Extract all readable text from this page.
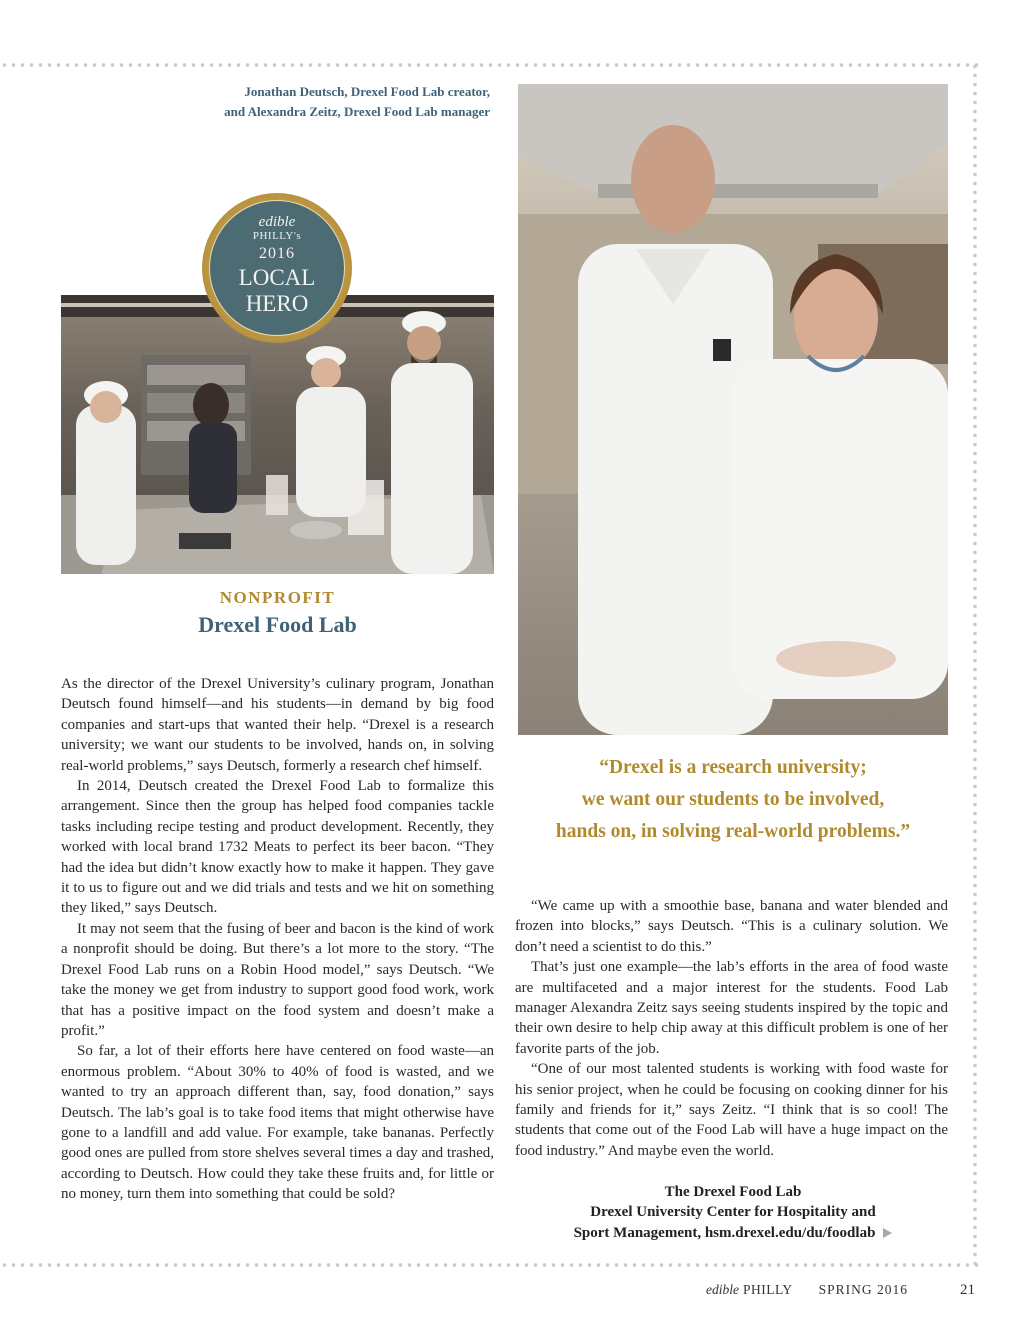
Jonathan Deutsch, Drexel Food Lab creator,
and Alexandra Zeitz, Drexel Food Lab manager
edible
PHILLY's
2016
LOCAL
HERO
NONPROFIT
Drexel Food Lab

As the director of the Drexel University’s culinary program, Jonathan Deutsch found himself—and his students—in demand by big food companies and start-ups that wanted their help. “Drexel is a research university; we want our students to be involved, hands on, in solving real-world problems,” says Deutsch, formerly a research chef himself.

In 2014, Deutsch created the Drexel Food Lab to formalize this arrangement. Since then the group has helped food companies tackle tasks including recipe testing and product development. Recently, they worked with local brand 1732 Meats to perfect its beer bacon. “They had the idea but didn’t know exactly how to make it happen. They gave it to us to figure out and we did trials and tests and we hit on something they liked,” says Deutsch.

It may not seem that the fusing of beer and bacon is the kind of work a nonprofit should be doing. But there’s a lot more to the story. “The Drexel Food Lab runs on a Robin Hood model,” says Deutsch. “We take the money we get from industry to support good food work, work that has a positive impact on the food system and doesn’t make a profit.”

So far, a lot of their efforts here have centered on food waste—an enormous problem. “About 30% to 40% of food is wasted, and we wanted to try an approach different than, say, food donation,” says Deutsch. The lab’s goal is to take food items that might otherwise have gone to a landfill and add value. For example, take bananas. Perfectly good ones are pulled from store shelves several times a day and trashed, according to Deutsch. How could they take these fruits and, for little or no money, turn them into something that could be sold?

“Drexel is a research university;
we want our students to be involved,
hands on, in solving real-world problems.”

“We came up with a smoothie base, banana and water blended and frozen into blocks,” says Deutsch. “This is a culinary solution. We don’t need a scientist to do this.”

That’s just one example—the lab’s efforts in the area of food waste are multifaceted and a major interest for the students. Food Lab manager Alexandra Zeitz says seeing students inspired by the topic and their own desire to help chip away at this difficult problem is one of her favorite parts of the job.

“One of our most talented students is working with food waste for his senior project, when he could be focusing on cooking dinner for his family and friends for it,” says Zeitz. “I think that is so cool! The students that come out of the Food Lab will have a huge impact on the food industry.” And maybe even the world.

The Drexel Food Lab
Drexel University Center for Hospitality and
Sport Management, hsm.drexel.edu/du/foodlab
edible PHILLY SPRING 2016	21
